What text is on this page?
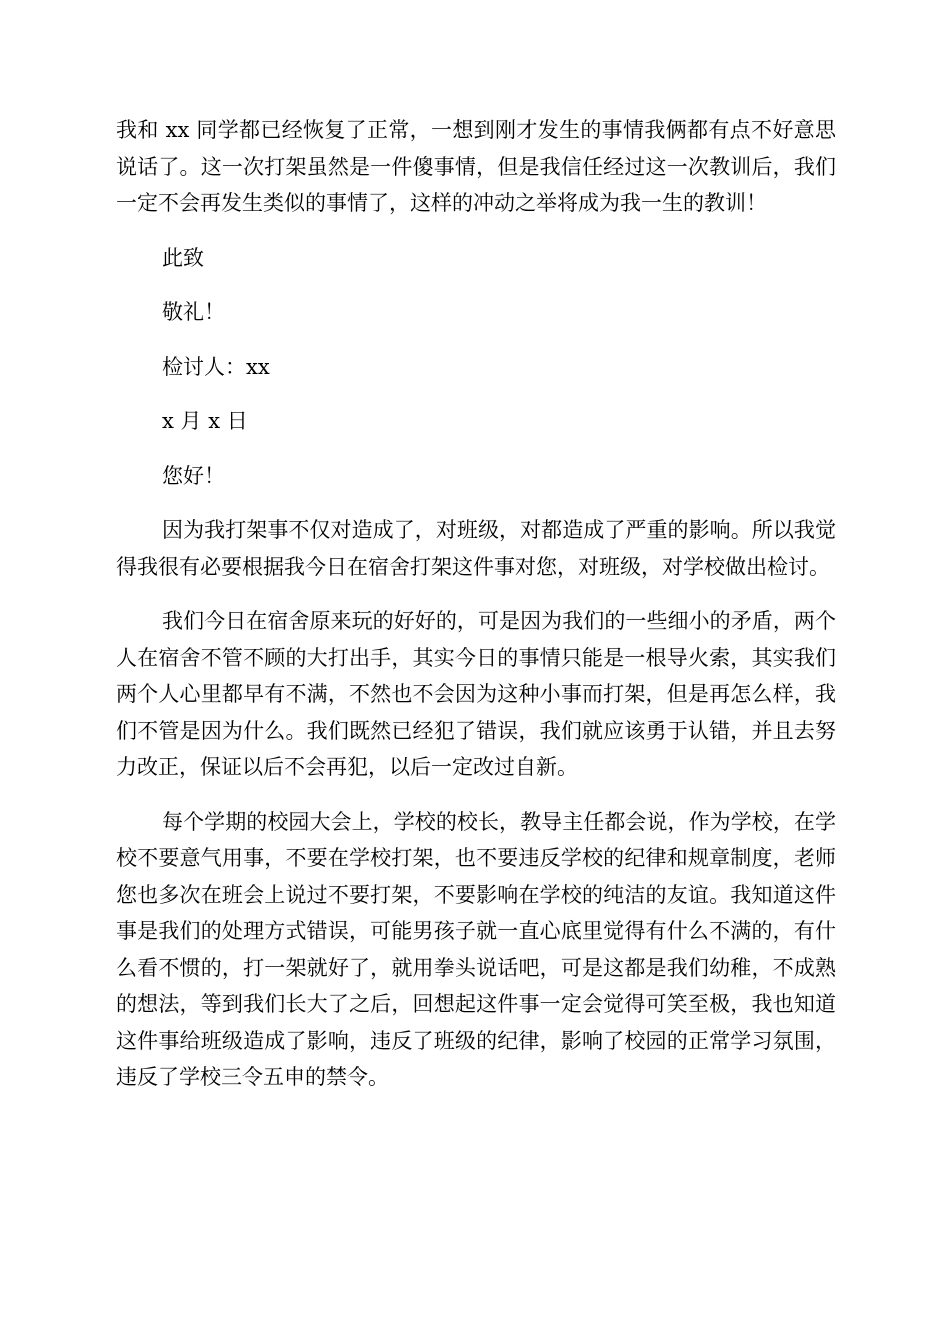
我和 xx 同学都已经恢复了正常，一想到刚才发生的事情我俩都有点不好意思说话了。这一次打架虽然是一件傻事情，但是我信任经过这一次教训后，我们一定不会再发生类似的事情了，这样的冲动之举将成为我一生的教训！

此致

敬礼！

检讨人：xx

x 月 x 日

您好！

因为我打架事不仅对造成了，对班级，对都造成了严重的影响。所以我觉得我很有必要根据我今日在宿舍打架这件事对您，对班级，对学校做出检讨。

我们今日在宿舍原来玩的好好的，可是因为我们的一些细小的矛盾，两个人在宿舍不管不顾的大打出手，其实今日的事情只能是一根导火索，其实我们两个人心里都早有不满，不然也不会因为这种小事而打架，但是再怎么样，我们不管是因为什么。我们既然已经犯了错误，我们就应该勇于认错，并且去努力改正，保证以后不会再犯，以后一定改过自新。

每个学期的校园大会上，学校的校长，教导主任都会说，作为学校，在学校不要意气用事，不要在学校打架，也不要违反学校的纪律和规章制度，老师您也多次在班会上说过不要打架，不要影响在学校的纯洁的友谊。我知道这件事是我们的处理方式错误，可能男孩子就一直心底里觉得有什么不满的，有什么看不惯的，打一架就好了，就用拳头说话吧，可是这都是我们幼稚，不成熟的想法，等到我们长大了之后，回想起这件事一定会觉得可笑至极，我也知道这件事给班级造成了影响，违反了班级的纪律，影响了校园的正常学习氛围，违反了学校三令五申的禁令。
